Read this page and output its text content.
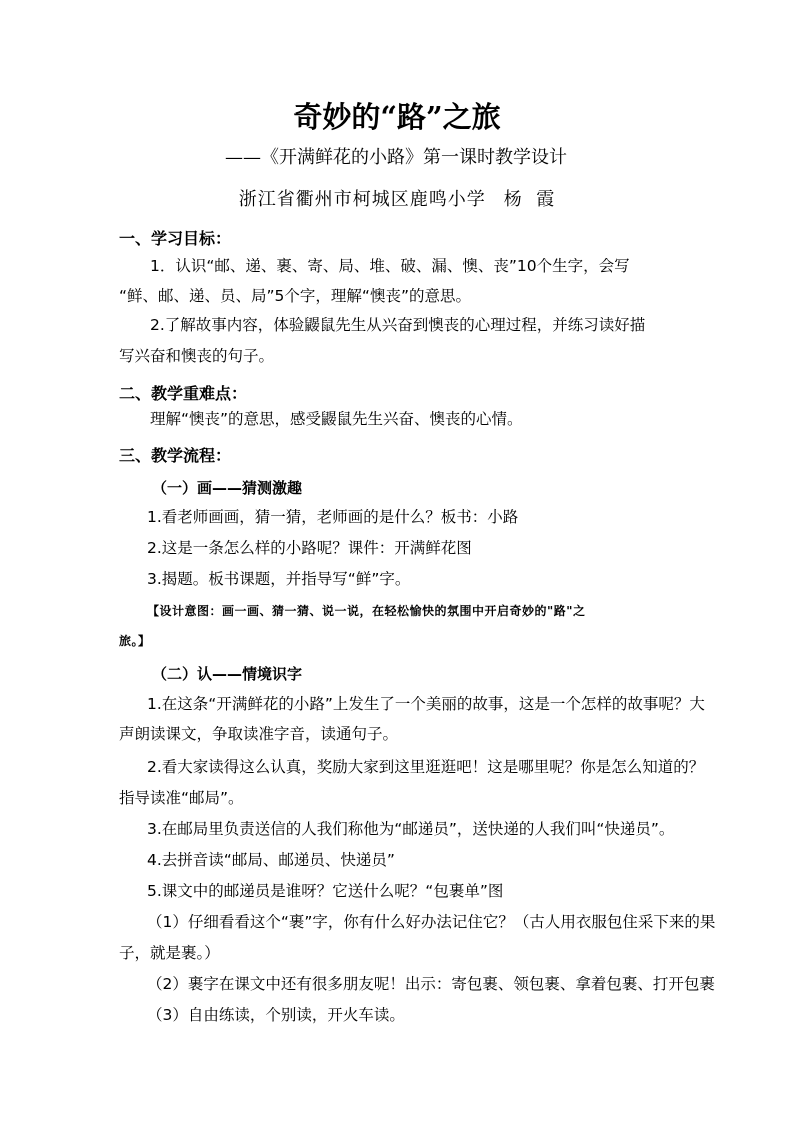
奇妙的“路”之旅
——《开满鲜花的小路》第一课时教学设计
浙江省衢州市柯城区鹿鸣小学 杨  霞
一、学习目标：
1．认识“邮、递、裹、寄、局、堆、破、漏、懊、丧”10个生字，会写
“鲜、邮、递、员、局”5个字，理解“懊丧”的意思。
2.了解故事内容，体验鼹鼠先生从兴奋到懊丧的心理过程，并练习读好描
写兴奋和懊丧的句子。
二、教学重难点：
理解“懊丧”的意思，感受鼹鼠先生兴奋、懊丧的心情。
三、教学流程：
（一）画——猜测激趣
1.看老师画画，猜一猜，老师画的是什么？板书：小路
2.这是一条怎么样的小路呢？课件：开满鲜花图
3.揭题。板书课题，并指导写“鲜”字。
【设计意图：画一画、猜一猜、说一说，在轻松愉快的氛围中开启奇妙的"路"之
旅。】
（二）认——情境识字
1.在这条“开满鲜花的小路”上发生了一个美丽的故事，这是一个怎样的故事呢？大
声朗读课文，争取读准字音，读通句子。
2.看大家读得这么认真，奖励大家到这里逛逛吧！这是哪里呢？你是怎么知道的？
指导读准“邮局”。
3.在邮局里负责送信的人我们称他为“邮递员”，送快递的人我们叫“快递员”。
4.去拼音读“邮局、邮递员、快递员”
5.课文中的邮递员是谁呀？它送什么呢？“包裹单”图
（1）仔细看看这个“裹”字，你有什么好办法记住它？（古人用衣服包住采下来的果
子，就是裹。）
（2）裹字在课文中还有很多朋友呢！出示：寄包裹、领包裹、拿着包裹、打开包裹
（3）自由练读，个别读，开火车读。
